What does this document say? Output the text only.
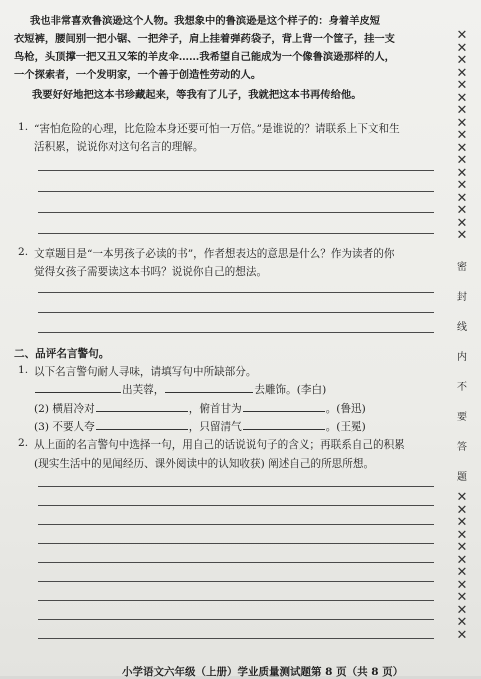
我也非常喜欢鲁滨逊这个人物。我想象中的鲁滨逊是这个样子的：身着羊皮短
衣短裤，腰间别一把小锯、一把斧子，肩上挂着弹药袋子，背上背一个筐子，挂一支
鸟枪，头顶撑一把又丑又笨的羊皮伞……我希望自己能成为一个像鲁滨逊那样的人，
一个探索者，一个发明家，一个善于创造性劳动的人。
我要好好地把这本书珍藏起来，等我有了儿子，我就把这本书再传给他。
1. “害怕危险的心理，比危险本身还要可怕一万倍。”是谁说的？请联系上下文和生
活积累，说说你对这句名言的理解。
2. 文章题目是“一本男孩子必读的书”，作者想表达的意思是什么？作为读者的你
觉得女孩子需要读这本书吗？说说你自己的想法。
二、品评名言警句。
1. 以下名言警句耐人寻味，请填写句中所缺部分。
出芙蓉，	去雕饰。(李白)
(2) 横眉冷对	，俯首甘为	。(鲁迅)
(3) 不要人夸	，只留清气	。(王冕)
2. 从上面的名言警句中选择一句，用自己的话说说句子的含义；再联系自己的积累
(现实生活中的见闻经历、课外阅读中的认知收获) 阐述自己的所思所想。
✕
✕
✕
✕
✕
✕
✕
✕
✕
✕
✕
✕
✕
✕
✕
✕
✕
密
封
线
内
不
要
答
题
✕
✕
✕
✕
✕
✕
✕
✕
✕
✕
✕
✕
小学语文六年级（上册）学业质量测试题第 8 页（共 8 页）
